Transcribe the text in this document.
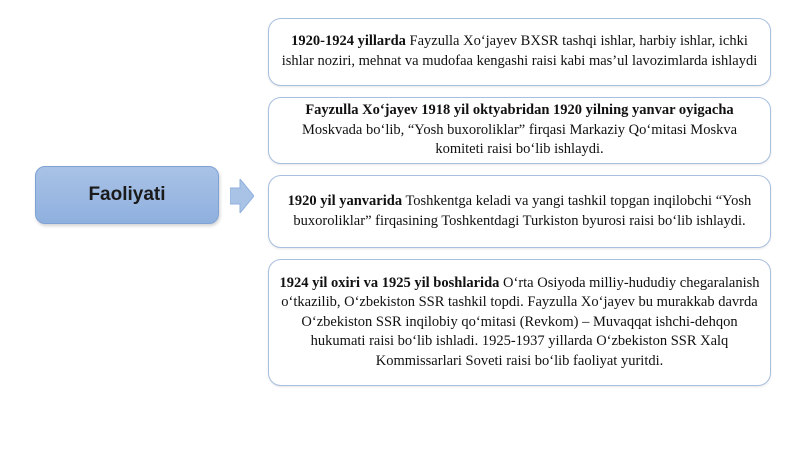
Faoliyati
1920-1924 yillarda Fayzulla Xo‘jayev BXSR tashqi ishlar, harbiy ishlar, ichki ishlar noziri, mehnat va mudofaa kengashi raisi kabi mas’ul lavozimlarda ishlaydi
Fayzulla Xo‘jayev 1918 yil oktyabridan 1920 yilning yanvar oyigacha Moskvada bo‘lib, “Yosh buxoroliklar” firqasi Markaziy Qo‘mitasi Moskva komiteti raisi bo‘lib ishlaydi.
1920 yil yanvarida Toshkentga keladi va yangi tashkil topgan inqilobchi “Yosh buxoroliklar” firqasining Toshkentdagi Turkiston byurosi raisi bo‘lib ishlaydi.
1924 yil oxiri va 1925 yil boshlarida O‘rta Osiyoda milliy-hududiy chegaralanish o‘tkazilib, O‘zbekiston SSR tashkil topdi. Fayzulla Xo‘jayev bu murakkab davrda O‘zbekiston SSR inqilobiy qo‘mitasi (Revkom) – Muvaqqat ishchi-dehqon hukumati raisi bo‘lib ishladi. 1925-1937 yillarda O‘zbekiston SSR Xalq Kommissarlari Soveti raisi bo‘lib faoliyat yuritdi.
